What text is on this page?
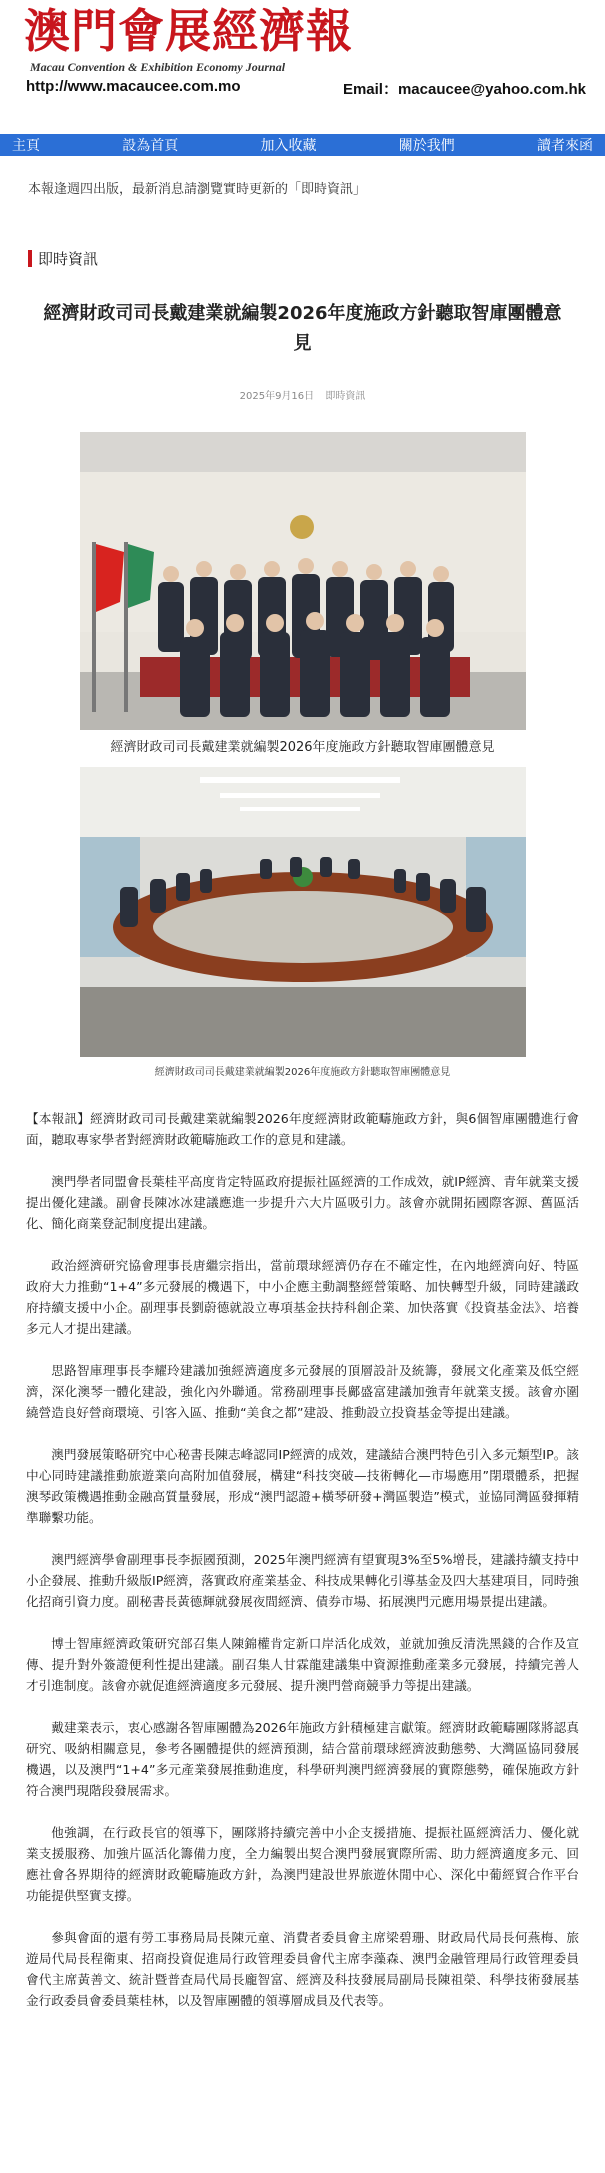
澳門會展經濟報
Macau Convention & Exhibition Economy Journal
http://www.macaucee.com.mo	Email：macaucee@yahoo.com.hk
主頁	設為首頁	加入收藏	關於我們	讀者來函
本報逢週四出版，最新消息請瀏覽實時更新的「即時資訊」
即時資訊
經濟財政司司長戴建業就編製2026年度施政方針聽取智庫團體意見
2025年9月16日 即時資訊
經濟財政司司長戴建業就編製2026年度施政方針聽取智庫團體意見
經濟財政司司長戴建業就編製2026年度施政方針聽取智庫團體意見

【本報訊】經濟財政司司長戴建業就編製2026年度經濟財政範疇施政方針，與6個智庫團體進行會面，聽取專家學者對經濟財政範疇施政工作的意見和建議。

澳門學者同盟會長葉桂平高度肯定特區政府提振社區經濟的工作成效，就IP經濟、青年就業支援提出優化建議。副會長陳冰冰建議應進一步提升六大片區吸引力。該會亦就開拓國際客源、舊區活化、簡化商業登記制度提出建議。

政治經濟研究協會理事長唐繼宗指出，當前環球經濟仍存在不確定性，在內地經濟向好、特區政府大力推動“1+4”多元發展的機遇下，中小企應主動調整經營策略、加快轉型升級，同時建議政府持續支援中小企。副理事長劉蔚德就設立專項基金扶持科創企業、加快落實《投資基金法》、培養多元人才提出建議。

思路智庫理事長李耀玲建議加強經濟適度多元發展的頂層設計及統籌，發展文化產業及低空經濟，深化澳琴一體化建設，強化內外聯通。常務副理事長鄺盛富建議加強青年就業支援。該會亦圍繞營造良好營商環境、引客入區、推動“美食之都”建設、推動設立投資基金等提出建議。

澳門發展策略研究中心秘書長陳志峰認同IP經濟的成效，建議結合澳門特色引入多元類型IP。該中心同時建議推動旅遊業向高附加值發展，構建“科技突破—技術轉化—市場應用”閉環體系，把握澳琴政策機遇推動金融高質量發展，形成“澳門認證+橫琴研發+灣區製造”模式，並協同灣區發揮精準聯繫功能。

澳門經濟學會副理事長李振國預測，2025年澳門經濟有望實現3%至5%增長，建議持續支持中小企發展、推動升級版IP經濟，落實政府產業基金、科技成果轉化引導基金及四大基建項目，同時強化招商引資力度。副秘書長黃德輝就發展夜間經濟、債券市場、拓展澳門元應用場景提出建議。

博士智庫經濟政策研究部召集人陳錦權肯定新口岸活化成效，並就加強反清洗黑錢的合作及宣傳、提升對外簽證便利性提出建議。副召集人甘霖龍建議集中資源推動產業多元發展，持續完善人才引進制度。該會亦就促進經濟適度多元發展、提升澳門營商競爭力等提出建議。

戴建業表示，衷心感謝各智庫團體為2026年施政方針積極建言獻策。經濟財政範疇團隊將認真研究、吸納相關意見，參考各團體提供的經濟預測，結合當前環球經濟波動態勢、大灣區協同發展機遇，以及澳門“1+4”多元產業發展推動進度，科學研判澳門經濟發展的實際態勢，確保施政方針符合澳門現階段發展需求。

他強調，在行政長官的領導下，團隊將持續完善中小企支援措施、提振社區經濟活力、優化就業支援服務、加強片區活化籌備力度，全力編製出契合澳門發展實際所需、助力經濟適度多元、回應社會各界期待的經濟財政範疇施政方針，為澳門建設世界旅遊休閒中心、深化中葡經貿合作平台功能提供堅實支撐。

參與會面的還有勞工事務局局長陳元童、消費者委員會主席梁碧珊、財政局代局長何燕梅、旅遊局代局長程衛東、招商投資促進局行政管理委員會代主席李藻森、澳門金融管理局行政管理委員會代主席黃善文、統計暨普查局代局長龐智富、經濟及科技發展局副局長陳祖榮、科學技術發展基金行政委員會委員葉桂林，以及智庫團體的領導層成員及代表等。
